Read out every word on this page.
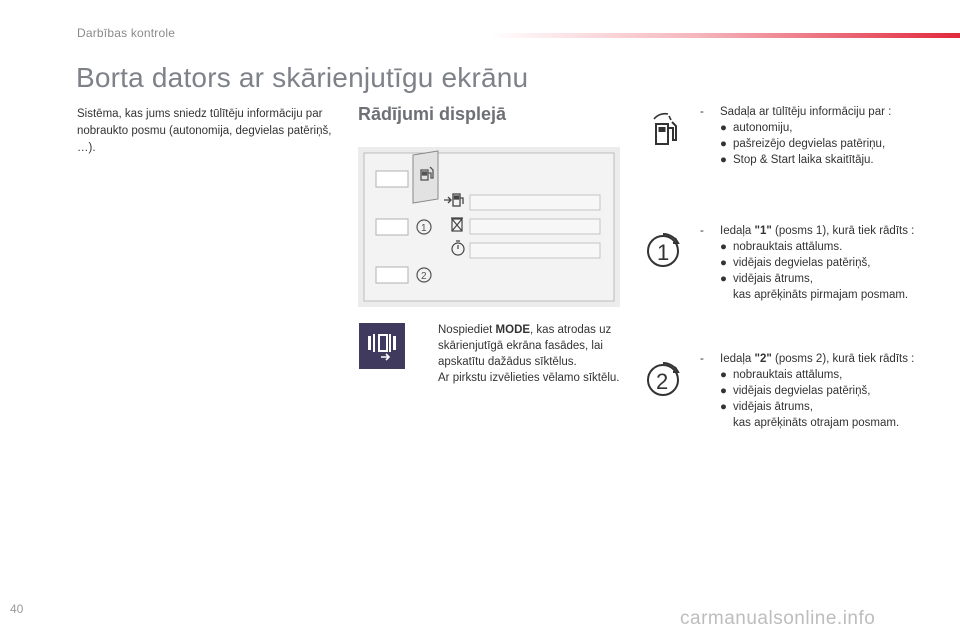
Darbības kontrole
Borta dators ar skārienjutīgu ekrānu
Sistēma, kas jums sniedz tūlītēju informāciju par nobraukto posmu (autonomija, degvielas patēriņš, …).
Rādījumi displejā
1
2
Nospiediet MODE, kas atrodas uz skārienjutīgā ekrāna fasādes, lai apskatītu dažādus sīktēlus.
Ar pirkstu izvēlieties vēlamo sīktēlu.
1
2
-	Sadaļa ar tūlītēju informāciju par :
● autonomiju,
● pašreizējo degvielas patēriņu,
● Stop & Start laika skaitītāju.
-	Iedaļa "1" (posms 1), kurā tiek rādīts :
● nobrauktais attālums.
● vidējais degvielas patēriņš,
● vidējais ātrums,
kas aprēķināts pirmajam posmam.
-	Iedaļa "2" (posms 2), kurā tiek rādīts :
● nobrauktais attālums,
● vidējais degvielas patēriņš,
● vidējais ātrums,
kas aprēķināts otrajam posmam.
40	carmanualsonline.info
